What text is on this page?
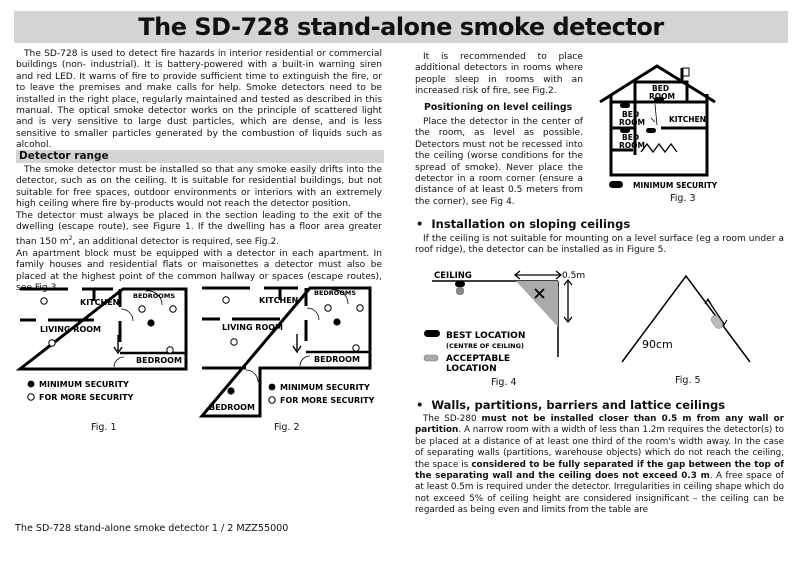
The SD-728 stand-alone smoke detector
The SD-728 is used to detect fire hazards in interior residential or commercial buildings (non- industrial). It is battery-powered with a built-in warning siren and red LED. It warns of fire to provide sufficient time to extinguish the fire, or to leave the premises and make calls for help. Smoke detectors need to be installed in the right place, regularly maintained and tested as described in this manual. The optical smoke detector works on the principle of scattered light and is very sensitive to large dust particles, which are dense, and is less sensitive to smaller particles generated by the combustion of liquids such as alcohol.
Detector range
The smoke detector must be installed so that any smoke easily drifts into the detector, such as on the ceiling. It is suitable for residential buildings, but not suitable for free spaces, outdoor environments or interiors with an extremely high ceiling where fire by-products would not reach the detector position.
The detector must always be placed in the section leading to the exit of the dwelling (escape route), see Figure 1. If the dwelling has a floor area greater than 150 $m^2$, an additional detector is required, see Fig.2.
An apartment block must be equipped with a detector in each apartment. In family houses and residential flats or maisonettes a detector must also be placed at the highest point of the common hallway or spaces (escape routes), see Fig.3.
KITCHEN
BEDROOMS
LIVING ROOM
BEDROOM
MINIMUM SECURITY
FOR MORE SECURITY
Fig. 1
KITCHEN
BEDROOMS
LIVING ROOM
BEDROOM
BEDROOM
MINIMUM SECURITY
FOR MORE SECURITY
Fig. 2
It is recommended to place additional detectors in rooms where people sleep in rooms with an increased risk of fire, see Fig.2.
Positioning on level ceilings
Place the detector in the center of the room, as level as possible. Detectors must not be recessed into the ceiling (worse conditions for the spread of smoke). Never place the detector in a room corner (ensure a distance of at least 0.5 meters from the corner), see Fig 4.
BED
ROOM
BED
ROOM	KITCHEN
BED
ROOM
MINIMUM SECURITY
Fig. 3
•  Installation on sloping ceilings
If the ceiling is not suitable for mounting on a level surface (eg a room under a roof ridge), the detector can be installed as in Figure 5.
CEILING	0.5m
BEST LOCATION
(CENTRE OF CEILING)
ACCEPTABLE
LOCATION
Fig. 4
90cm
Fig. 5
•  Walls, partitions, barriers and lattice ceilings
The SD-280 must not be installed closer than 0.5 m from any wall or partition. A narrow room with a width of less than 1.2m requires the detector(s) to be placed at a distance of at least one third of the room's width away. In the case of separating walls (partitions, warehouse objects) which do not reach the ceiling, the space is considered to be fully separated if the gap between the top of the separating wall and the ceiling does not exceed 0.3 m. A free space of at least 0.5m is required under the detector. Irregularities in ceiling shape which do not exceed 5% of ceiling height are considered insignificant – the ceiling can be regarded as being even and limits from the table are
The SD-728 stand-alone smoke detector 1 / 2 MZZ55000
